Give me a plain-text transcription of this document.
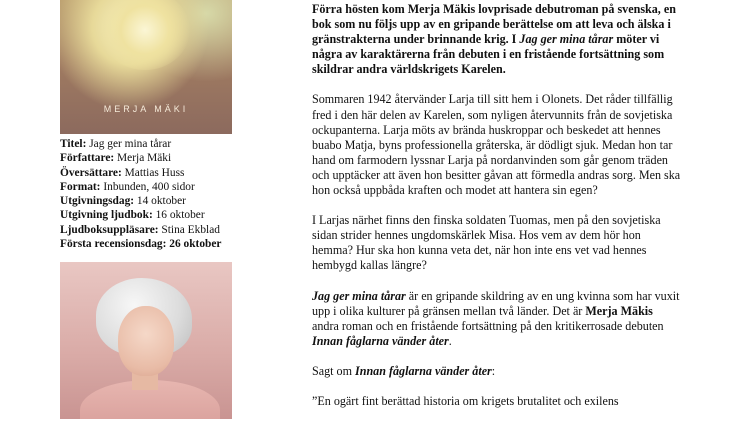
MERJA MÄKI
Titel: Jag ger mina tårar
Författare: Merja Mäki
Översättare: Mattias Huss
Format: Inbunden, 400 sidor
Utgivningsdag: 14 oktober
Utgivning ljudbok: 16 oktober
Ljudboksuppläsare: Stina Ekblad
Första recensionsdag: 26 oktober

Förra hösten kom Merja Mäkis lovprisade debutroman på svenska, en bok som nu följs upp av en gripande berättelse om att leva och älska i gränstrakterna under brinnande krig. I Jag ger mina tårar möter vi några av karaktärerna från debuten i en fristående fortsättning som skildrar andra världskrigets Karelen.

Sommaren 1942 återvänder Larja till sitt hem i Olonets. Det råder tillfällig fred i den här delen av Karelen, som nyligen återvunnits från de sovjetiska ockupanterna. Larja möts av brända huskroppar och beskedet att hennes buabo Matja, byns professionella gråterska, är dödligt sjuk. Medan hon tar hand om farmodern lyssnar Larja på nordanvinden som går genom träden och upptäcker att även hon besitter gåvan att förmedla andras sorg. Men ska hon också uppbåda kraften och modet att hantera sin egen?

I Larjas närhet finns den finska soldaten Tuomas, men på den sovjetiska sidan strider hennes ungdomskärlek Misa. Hos vem av dem hör hon hemma? Hur ska hon kunna veta det, när hon inte ens vet vad hennes hembygd kallas längre?

Jag ger mina tårar är en gripande skildring av en ung kvinna som har vuxit upp i olika kulturer på gränsen mellan två länder. Det är Merja Mäkis andra roman och en fristående fortsättning på den kritikerrosade debuten Innan fåglarna vänder åter.

Sagt om Innan fåglarna vänder åter:

”En ogärt fint berättad historia om krigets brutalitet och exilens
